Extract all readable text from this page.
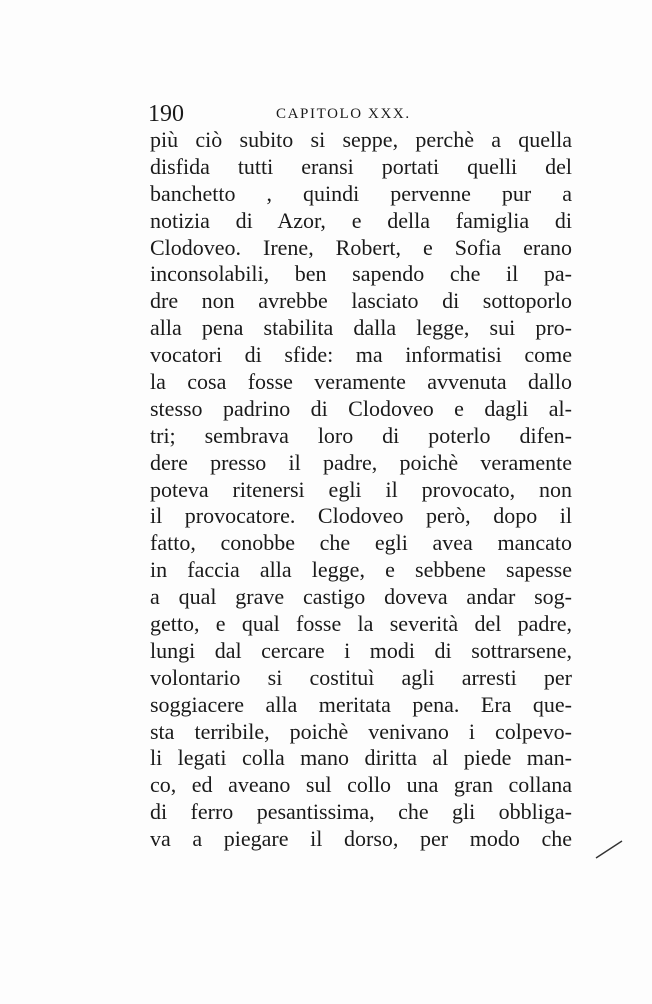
190	CAPITOLO XXX.
più ciò subito si seppe, perchè a quella
disfida tutti eransi portati quelli del
banchetto , quindi pervenne pur a
notizia di Azor, e della famiglia di
Clodoveo. Irene, Robert, e Sofia erano
inconsolabili, ben sapendo che il pa-
dre non avrebbe lasciato di sottoporlo
alla pena stabilita dalla legge, sui pro-
vocatori di sfide: ma informatisi come
la cosa fosse veramente avvenuta dallo
stesso padrino di Clodoveo e dagli al-
tri; sembrava loro di poterlo difen-
dere presso il padre, poichè veramente
poteva ritenersi egli il provocato, non
il provocatore. Clodoveo però, dopo il
fatto, conobbe che egli avea mancato
in faccia alla legge, e sebbene sapesse
a qual grave castigo doveva andar sog-
getto, e qual fosse la severità del padre,
lungi dal cercare i modi di sottrarsene,
volontario si costituì agli arresti per
soggiacere alla meritata pena. Era que-
sta terribile, poichè venivano i colpevo-
li legati colla mano diritta al piede man-
co, ed aveano sul collo una gran collana
di ferro pesantissima, che gli obbliga-
va a piegare il dorso, per modo che
